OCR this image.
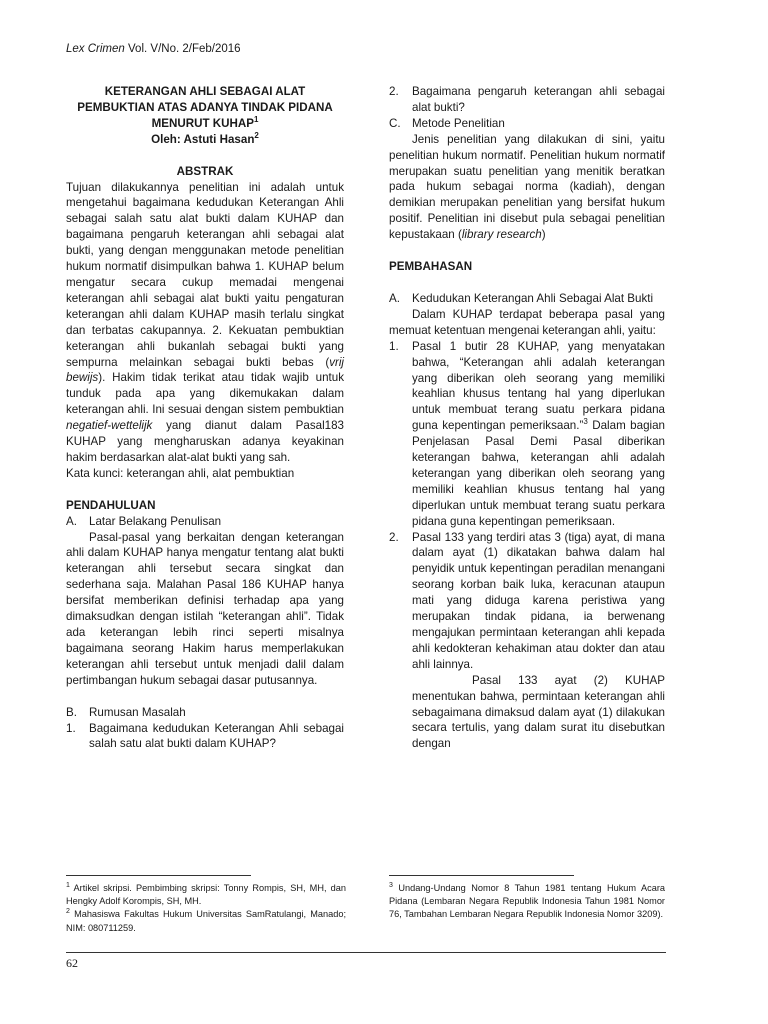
Lex Crimen Vol. V/No. 2/Feb/2016
KETERANGAN AHLI SEBAGAI ALAT
PEMBUKTIAN ATAS ADANYA TINDAK PIDANA
MENURUT KUHAP$^1$
Oleh: Astuti Hasan$^2$
ABSTRAK

Tujuan dilakukannya penelitian ini adalah untuk mengetahui bagaimana kedudukan Keterangan Ahli sebagai salah satu alat bukti dalam KUHAP dan bagaimana pengaruh keterangan ahli sebagai alat bukti, yang dengan menggunakan metode penelitian hukum normatif disimpulkan bahwa 1. KUHAP belum mengatur secara cukup memadai mengenai keterangan ahli sebagai alat bukti yaitu pengaturan keterangan ahli dalam KUHAP masih terlalu singkat dan terbatas cakupannya. 2. Kekuatan pembuktian keterangan ahli bukanlah sebagai bukti yang sempurna melainkan sebagai bukti bebas (vrij bewijs). Hakim tidak terikat atau tidak wajib untuk tunduk pada apa yang dikemukakan dalam keterangan ahli. Ini sesuai dengan sistem pembuktian negatief-wettelijk yang dianut dalam Pasal183 KUHAP yang mengharuskan adanya keyakinan hakim berdasarkan alat-alat bukti yang sah.

Kata kunci: keterangan ahli, alat pembuktian

PENDAHULUAN
A. Latar Belakang Penulisan

Pasal-pasal yang berkaitan dengan keterangan ahli dalam KUHAP hanya mengatur tentang alat bukti keterangan ahli tersebut secara singkat dan sederhana saja. Malahan Pasal 186 KUHAP hanya bersifat memberikan definisi terhadap apa yang dimaksudkan dengan istilah “keterangan ahli”. Tidak ada keterangan lebih rinci seperti misalnya bagaimana seorang Hakim harus memperlakukan keterangan ahli tersebut untuk menjadi dalil dalam pertimbangan hukum sebagai dasar putusannya.

B. Rumusan Masalah
1.	Bagaimana kedudukan Keterangan Ahli sebagai salah satu alat bukti dalam KUHAP?
2.	Bagaimana pengaruh keterangan ahli sebagai alat bukti?
C. Metode Penelitian

Jenis penelitian yang dilakukan di sini, yaitu penelitian hukum normatif. Penelitian hukum normatif merupakan suatu penelitian yang menitik beratkan pada hukum sebagai norma (kadiah), dengan demikian merupakan penelitian yang bersifat hukum positif. Penelitian ini disebut pula sebagai penelitian kepustakaan (library research)

PEMBAHASAN
A. Kedudukan Keterangan Ahli Sebagai Alat Bukti

Dalam KUHAP terdapat beberapa pasal yang memuat ketentuan mengenai keterangan ahli, yaitu:

1.	Pasal 1 butir 28 KUHAP, yang menyatakan bahwa, “Keterangan ahli adalah keterangan yang diberikan oleh seorang yang memiliki keahlian khusus tentang hal yang diperlukan untuk membuat terang suatu perkara pidana guna kepentingan pemeriksaan.”$^3$ Dalam bagian Penjelasan Pasal Demi Pasal diberikan keterangan bahwa, keterangan ahli adalah keterangan yang diberikan oleh seorang yang memiliki keahlian khusus tentang hal yang diperlukan untuk membuat terang suatu perkara pidana guna kepentingan pemeriksaan.
2.	Pasal 133 yang terdiri atas 3 (tiga) ayat, di mana dalam ayat (1) dikatakan bahwa dalam hal penyidik untuk kepentingan peradilan menangani seorang korban baik luka, keracunan ataupun mati yang diduga karena peristiwa yang merupakan tindak pidana, ia berwenang mengajukan permintaan keterangan ahli kepada ahli kedokteran kehakiman atau dokter dan atau ahli lainnya.
Pasal 133 ayat (2) KUHAP menentukan bahwa, permintaan keterangan ahli sebagaimana dimaksud dalam ayat (1) dilakukan secara tertulis, yang dalam surat itu disebutkan dengan
$^1$ Artikel skripsi. Pembimbing skripsi: Tonny Rompis, SH, MH, dan Hengky Adolf Korompis, SH, MH.
$^2$ Mahasiswa Fakultas Hukum Universitas SamRatulangi, Manado; NIM: 080711259.
$^3$ Undang-Undang Nomor 8 Tahun 1981 tentang Hukum Acara Pidana (Lembaran Negara Republik Indonesia Tahun 1981 Nomor 76, Tambahan Lembaran Negara Republik Indonesia Nomor 3209).
62
